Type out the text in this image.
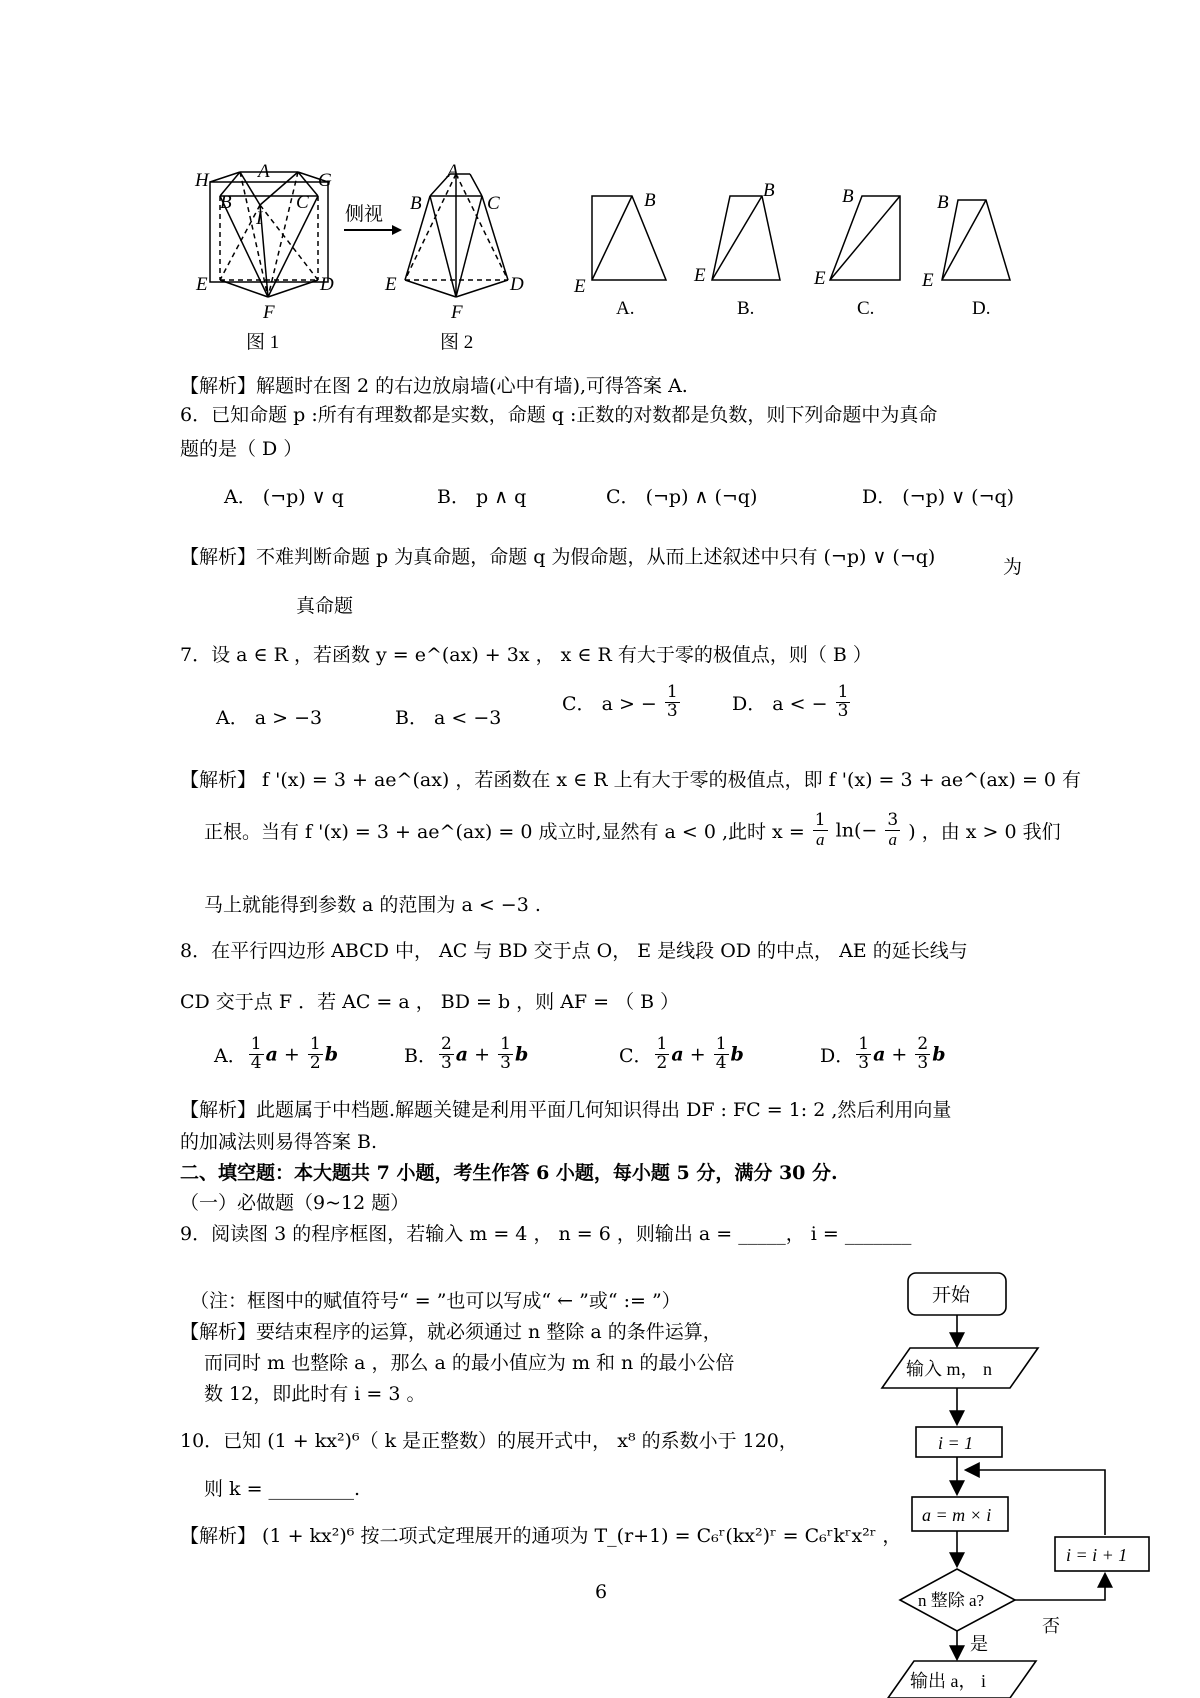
H	A	G
B	C
I
E	D
F
图 1
侧视
A
B	C
E	D
F
图 2
B
E
A.
B
E
B.
B
E
C.
B
E
D.
【解析】解题时在图 2 的右边放扇墙(心中有墙),可得答案 A.
6．已知命题 p :所有有理数都是实数，命题 q :正数的对数都是负数，则下列命题中为真命
题的是（ D ）
A． (¬p) ∨ q	B． p ∧ q	C． (¬p) ∧ (¬q)	D． (¬p) ∨ (¬q)
【解析】不难判断命题 p 为真命题，命题 q 为假命题，从而上述叙述中只有 (¬p) ∨ (¬q)	为
真命题
7．设 a ∈ R ，若函数 y = e^(ax) + 3x ， x ∈ R 有大于零的极值点，则（ B ）
A． a > −3	B． a < −3
C． a > − $\frac{1}{3}$	D． a < − $\frac{1}{3}$
【解析】 f '(x) = 3 + ae^(ax) ，若函数在 x ∈ R 上有大于零的极值点，即 f '(x) = 3 + ae^(ax) = 0 有
正根。当有 f '(x) = 3 + ae^(ax) = 0 成立时,显然有 a < 0 ,此时 $x = \frac{1}{a} \ln(- \frac{3}{a}$ ) ，由 x > 0 我们
马上就能得到参数 a 的范围为 a < −3 .
8．在平行四边形 ABCD 中， AC 与 BD 交于点 O， E 是线段 OD 的中点， AE 的延长线与
CD 交于点 F ．若 AC = a ， BD = b ，则 AF = （ B ）
A． $\frac{1}{4}$ $a + \frac{1}{2}$ b	B． $\frac{2}{3}$ $a + \frac{1}{3}$ b	C． $\frac{1}{2}$ $a + \frac{1}{4}$ b	D． $\frac{1}{3}$ $a + \frac{2}{3}$ b
【解析】此题属于中档题.解题关键是利用平面几何知识得出 DF : FC = 1: 2 ,然后利用向量
的加减法则易得答案 B.
二、填空题：本大题共 7 小题，考生作答 6 小题，每小题 5 分，满分 30 分.
（一）必做题（9~12 题）
9．阅读图 3 的程序框图，若输入 m = 4 ， n = 6 ，则输出 a = _____， i = _______
（注：框图中的赋值符号“ = ”也可以写成“ ← ”或“ := ”）
【解析】要结束程序的运算，就必须通过 n 整除 a 的条件运算，
而同时 m 也整除 a ，那么 a 的最小值应为 m 和 n 的最小公倍
数 12，即此时有 i = 3 。
10．已知 (1 + kx²)⁶（ k 是正整数）的展开式中， x⁸ 的系数小于 120，
则 k = _________.
【解析】 (1 + kx²)⁶ 按二项式定理展开的通项为 T_(r+1) = C₆ʳ(kx²)ʳ = C₆ʳkʳx²ʳ ，
6
开始
输入 m， n
i = 1
a = m × i
i = i + 1
n 整除 a?
否
是
输出 a， i
